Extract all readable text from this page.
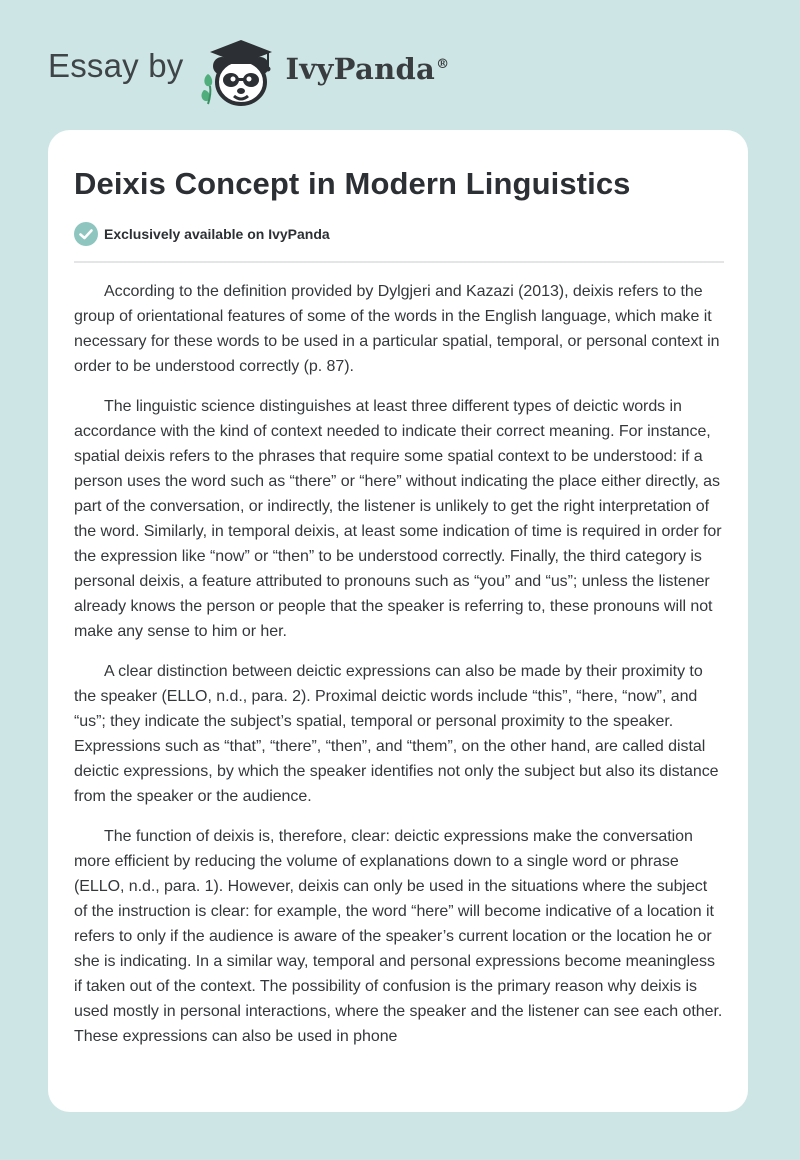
Essay by	IvyPanda®
Deixis Concept in Modern Linguistics
Exclusively available on IvyPanda

According to the definition provided by Dylgjeri and Kazazi (2013), deixis refers to the group of orientational features of some of the words in the English language, which make it necessary for these words to be used in a particular spatial, temporal, or personal context in order to be understood correctly (p. 87).

The linguistic science distinguishes at least three different types of deictic words in accordance with the kind of context needed to indicate their correct meaning. For instance, spatial deixis refers to the phrases that require some spatial context to be understood: if a person uses the word such as “there” or “here” without indicating the place either directly, as part of the conversation, or indirectly, the listener is unlikely to get the right interpretation of the word. Similarly, in temporal deixis, at least some indication of time is required in order for the expression like “now” or “then” to be understood correctly. Finally, the third category is personal deixis, a feature attributed to pronouns such as “you” and “us”; unless the listener already knows the person or people that the speaker is referring to, these pronouns will not make any sense to him or her.

A clear distinction between deictic expressions can also be made by their proximity to the speaker (ELLO, n.d., para. 2). Proximal deictic words include “this”, “here, “now”, and “us”; they indicate the subject’s spatial, temporal or personal proximity to the speaker. Expressions such as “that”, “there”, “then”, and “them”, on the other hand, are called distal deictic expressions, by which the speaker identifies not only the subject but also its distance from the speaker or the audience.

The function of deixis is, therefore, clear: deictic expressions make the conversation more efficient by reducing the volume of explanations down to a single word or phrase (ELLO, n.d., para. 1). However, deixis can only be used in the situations where the subject of the instruction is clear: for example, the word “here” will become indicative of a location it refers to only if the audience is aware of the speaker’s current location or the location he or she is indicating. In a similar way, temporal and personal expressions become meaningless if taken out of the context. The possibility of confusion is the primary reason why deixis is used mostly in personal interactions, where the speaker and the listener can see each other. These expressions can also be used in phone
